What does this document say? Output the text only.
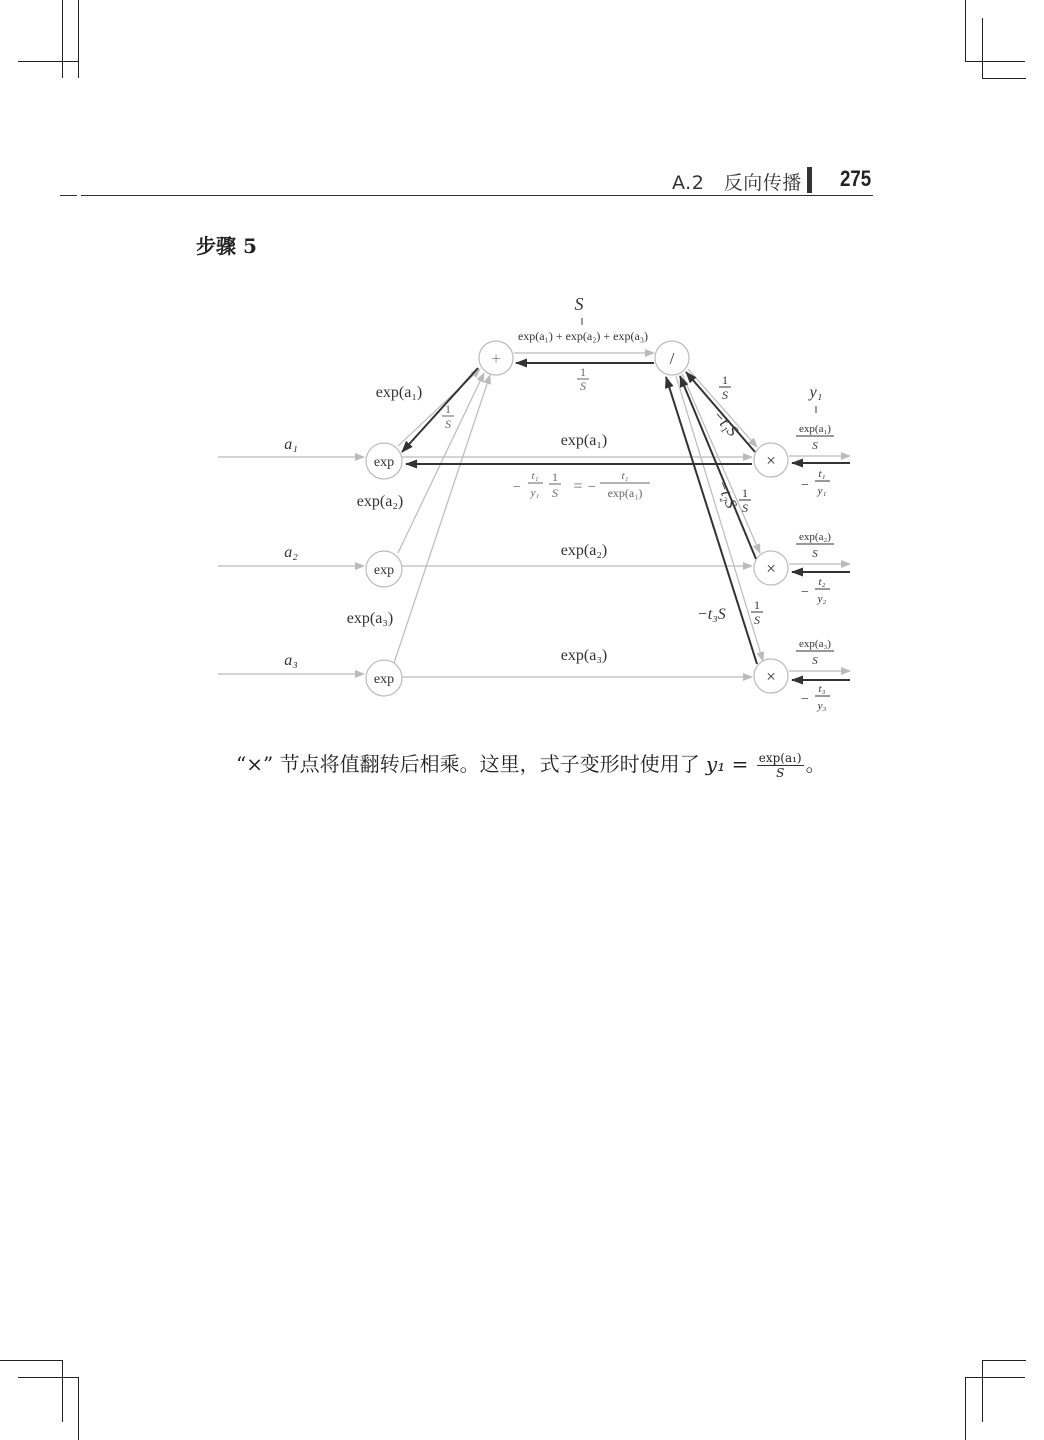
A.2　反向传播 275
步骤 5
exp
exp
exp
+	/
×
×
×
a₁
a₂
a₃
S
‖
exp(a₁) + exp(a₂) + exp(a₃)
exp(a₁)
exp(a₂)
exp(a₃)
exp(a₁)
exp(a₂)
exp(a₃)
1
S
1
S
1
S
1
S
1
S
−t₁S
−t₂S
−t₃S
y₁
‖
exp(a₁)
S
exp(a₂)
S
exp(a₃)
S
−
t₁
y₁
−
t₂
y₂
−
t₃
y₃
−
t₁
y₁
1
S = −
t₁
exp(a₁)
“×” 节点将值翻转后相乘。这里，式子变形时使用了 $y_1 = \frac{\text{exp(a₁)}}{S}$ 。
